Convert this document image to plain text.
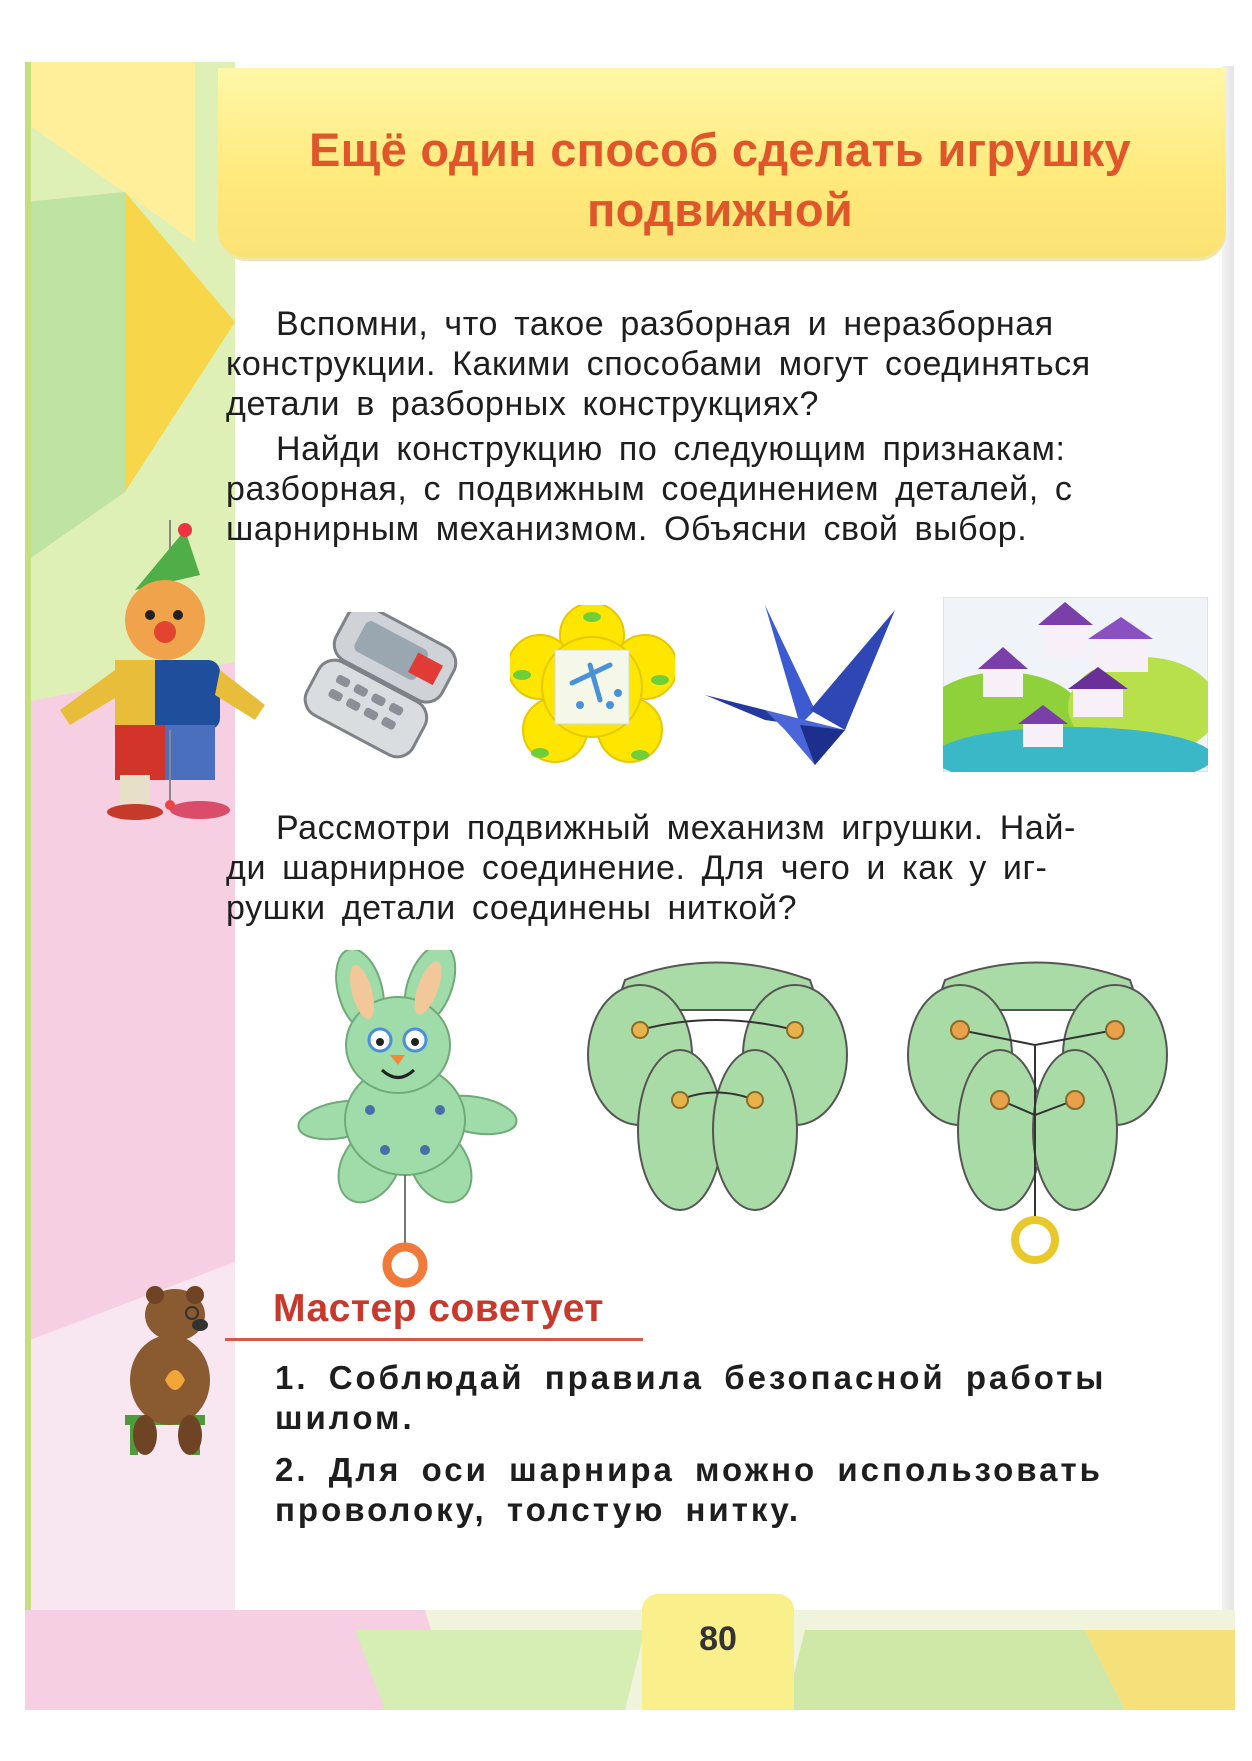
Ещё один способ сделать игрушку
подвижной
Вспомни, что такое разборная и неразборная
конструкции. Какими способами могут соединяться
детали в разборных конструкциях?
Найди конструкцию по следующим признакам:
разборная, с подвижным соединением деталей, с
шарнирным механизмом. Объясни свой выбор.
Рассмотри подвижный механизм игрушки. Най-
ди шарнирное соединение. Для чего и как у иг-
рушки детали соединены ниткой?
Мастер советует
1. Соблюдай правила безопасной работы
шилом.
2. Для оси шарнира можно использовать
проволоку, толстую нитку.
80
